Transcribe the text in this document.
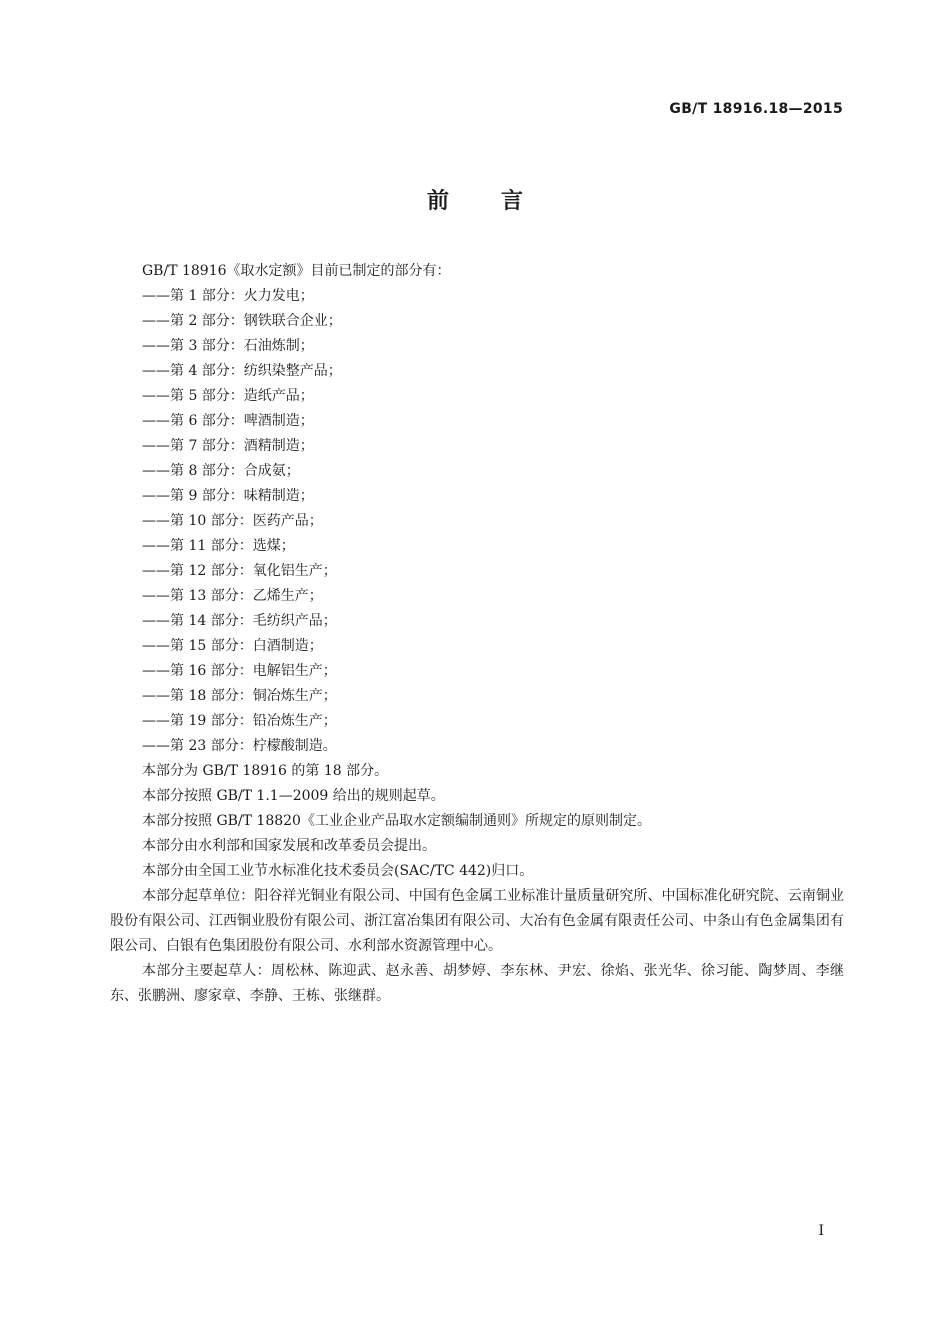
GB/T 18916.18—2015
前言
GB/T 18916《取水定额》目前已制定的部分有：
——第 1 部分：火力发电；
——第 2 部分：钢铁联合企业；
——第 3 部分：石油炼制；
——第 4 部分：纺织染整产品；
——第 5 部分：造纸产品；
——第 6 部分：啤酒制造；
——第 7 部分：酒精制造；
——第 8 部分：合成氨；
——第 9 部分：味精制造；
——第 10 部分：医药产品；
——第 11 部分：选煤；
——第 12 部分：氧化铝生产；
——第 13 部分：乙烯生产；
——第 14 部分：毛纺织产品；
——第 15 部分：白酒制造；
——第 16 部分：电解铝生产；
——第 18 部分：铜冶炼生产；
——第 19 部分：铅冶炼生产；
——第 23 部分：柠檬酸制造。
本部分为 GB/T 18916 的第 18 部分。
本部分按照 GB/T 1.1—2009 给出的规则起草。
本部分按照 GB/T 18820《工业企业产品取水定额编制通则》所规定的原则制定。
本部分由水利部和国家发展和改革委员会提出。
本部分由全国工业节水标准化技术委员会(SAC/TC 442)归口。
本部分起草单位：阳谷祥光铜业有限公司、中国有色金属工业标准计量质量研究所、中国标准化研究院、云南铜业股份有限公司、江西铜业股份有限公司、浙江富冶集团有限公司、大冶有色金属有限责任公司、中条山有色金属集团有限公司、白银有色集团股份有限公司、水利部水资源管理中心。
本部分主要起草人：周松林、陈迎武、赵永善、胡梦婷、李东林、尹宏、徐焰、张光华、徐习能、陶梦周、李继东、张鹏洲、廖家章、李静、王栋、张继群。
I
